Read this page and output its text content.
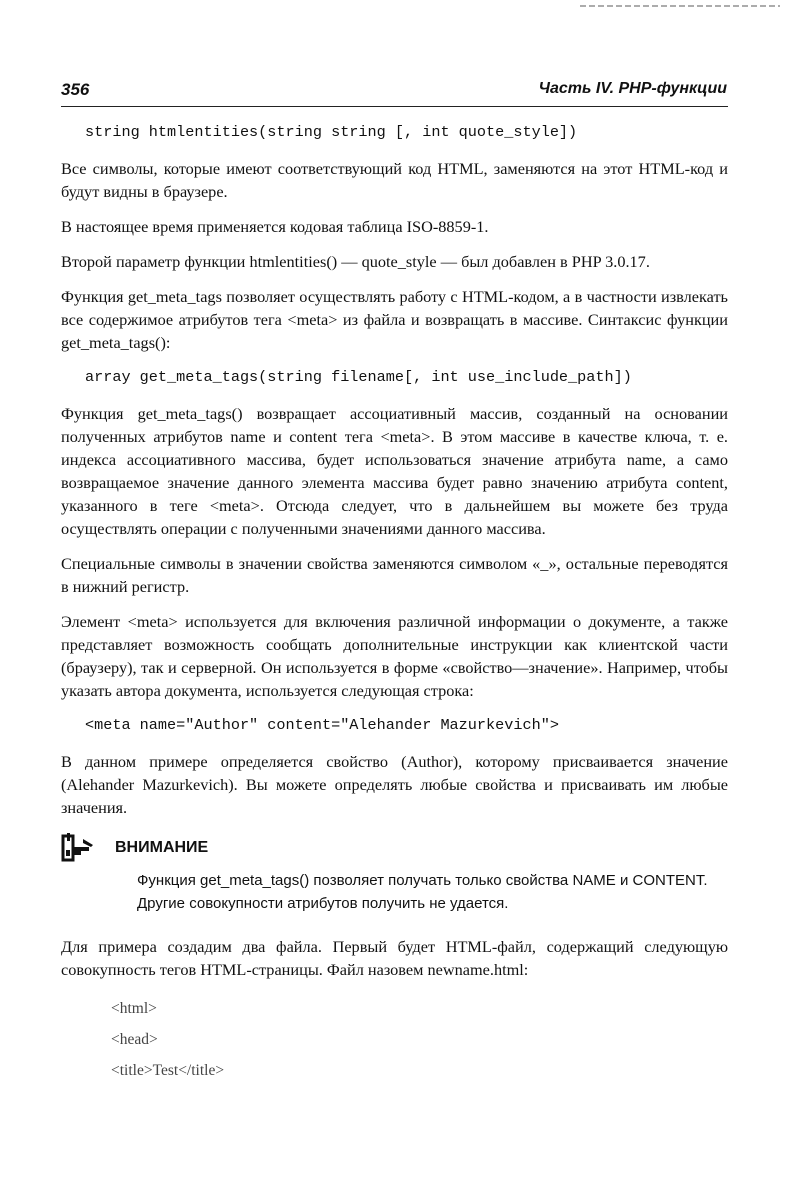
356	Часть IV. PHP-функции
string htmlentities(string string [, int quote_style])

Все символы, которые имеют соответствующий код HTML, заменяются на этот HTML-код и будут видны в браузере.

В настоящее время применяется кодовая таблица ISO-8859-1.

Второй параметр функции htmlentities() — quote_style — был добавлен в PHP 3.0.17.

Функция get_meta_tags позволяет осуществлять работу с HTML-кодом, а в частности извлекать все содержимое атрибутов тега <meta> из файла и возвращать в массиве. Синтаксис функции get_meta_tags():

array get_meta_tags(string filename[, int use_include_path])

Функция get_meta_tags() возвращает ассоциативный массив, созданный на основании полученных атрибутов name и content тега <meta>. В этом массиве в качестве ключа, т. е. индекса ассоциативного массива, будет использоваться значение атрибута name, а само возвращаемое значение данного элемента массива будет равно значению атрибута content, указанного в теге <meta>. Отсюда следует, что в дальнейшем вы можете без труда осуществлять операции с полученными значениями данного массива.

Специальные символы в значении свойства заменяются символом «_», остальные переводятся в нижний регистр.

Элемент <meta> используется для включения различной информации о документе, а также представляет возможность сообщать дополнительные инструкции как клиентской части (браузеру), так и серверной. Он используется в форме «свойство—значение». Например, чтобы указать автора документа, используется следующая строка:

<meta name="Author" content="Alehander Mazurkevich">

В данном примере определяется свойство (Author), которому присваивается значение (Alehander Mazurkevich). Вы можете определять любые свойства и присваивать им любые значения.

ВНИМАНИЕ
Функция get_meta_tags() позволяет получать только свойства NAME и CONTENT. Другие совокупности атрибутов получить не удается.

Для примера создадим два файла. Первый будет HTML-файл, содержащий следующую совокупность тегов HTML-страницы. Файл назовем newname.html:

<html>
<head>
<title>Test</title>
